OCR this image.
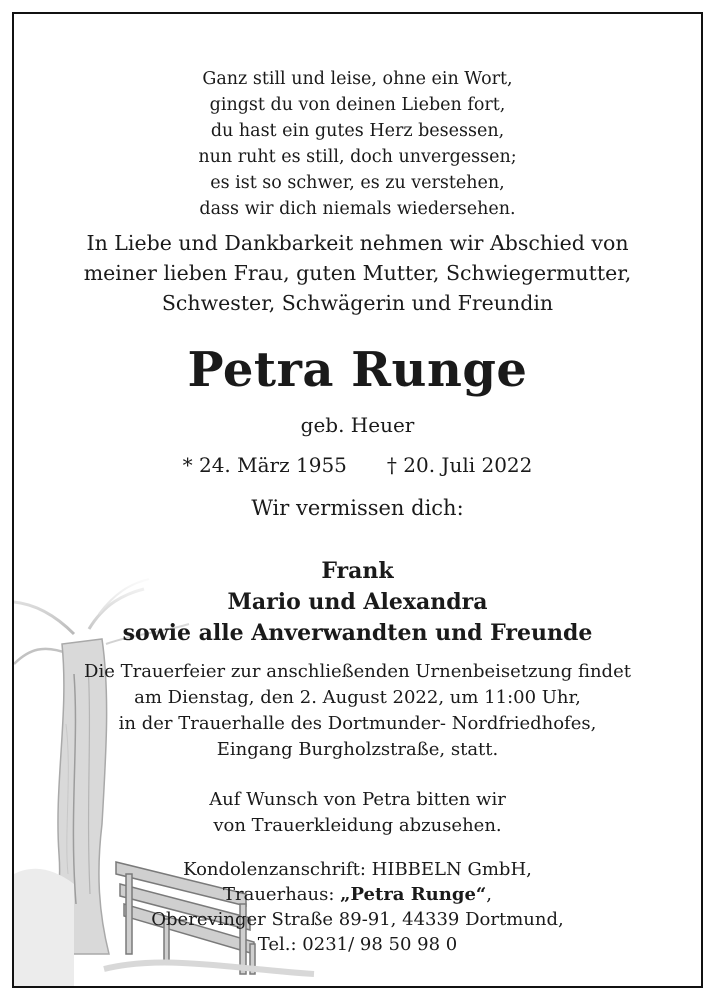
Ganz still und leise, ohne ein Wort,
gingst du von deinen Lieben fort,
du hast ein gutes Herz besessen,
nun ruht es still, doch unvergessen;
es ist so schwer, es zu verstehen,
dass wir dich niemals wiedersehen.
In Liebe und Dankbarkeit nehmen wir Abschied von
meiner lieben Frau, guten Mutter, Schwiegermutter,
Schwester, Schwägerin und Freundin
Petra Runge
geb. Heuer
* 24. März 1955 † 20. Juli 2022
Wir vermissen dich:
Frank
Mario und Alexandra
sowie alle Anverwandten und Freunde
Die Trauerfeier zur anschließenden Urnenbeisetzung findet
am Dienstag, den 2. August 2022, um 11:00 Uhr,
in der Trauerhalle des Dortmunder- Nordfriedhofes,
Eingang Burgholzstraße, statt.
Auf Wunsch von Petra bitten wir
von Trauerkleidung abzusehen.
Kondolenzanschrift: HIBBELN GmbH,
Trauerhaus: „Petra Runge“,
Oberevinger Straße 89-91, 44339 Dortmund,
Tel.: 0231/ 98 50 98 0
